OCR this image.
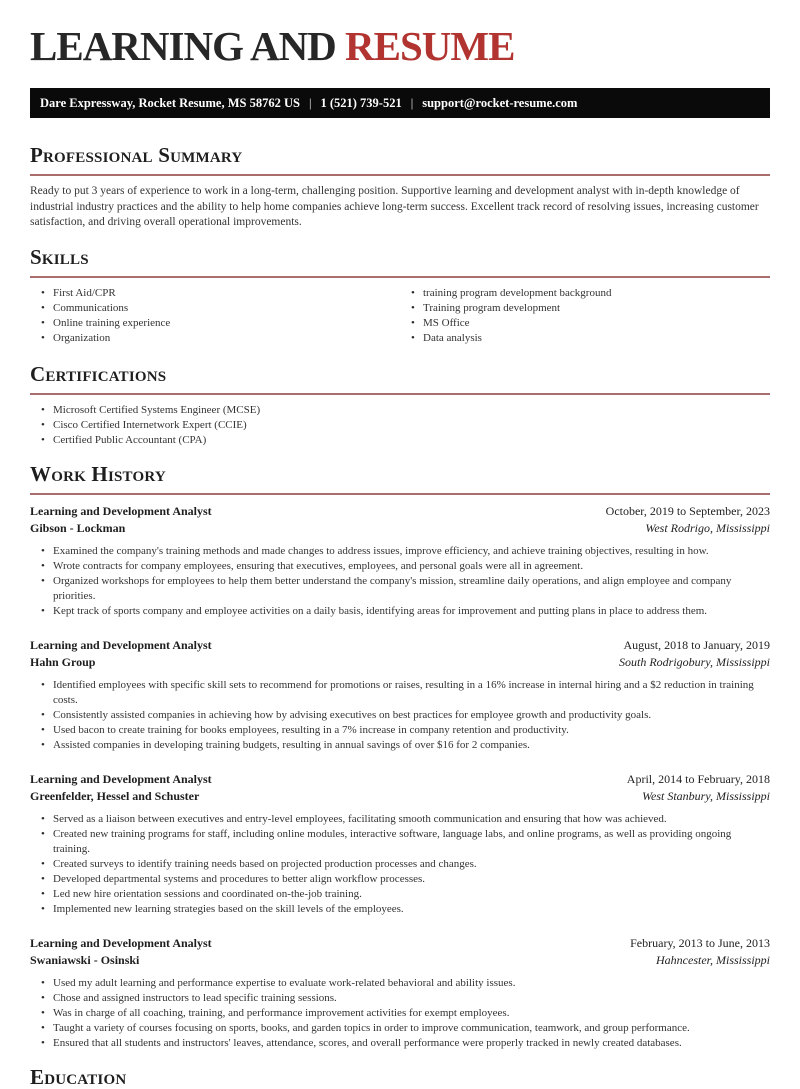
LEARNING AND RESUME
Dare Expressway, Rocket Resume, MS 58762 US | 1 (521) 739-521 | support@rocket-resume.com
Professional Summary

Ready to put 3 years of experience to work in a long-term, challenging position. Supportive learning and development analyst with in-depth knowledge of industrial industry practices and the ability to help home companies achieve long-term success. Excellent track record of resolving issues, increasing customer satisfaction, and driving overall operational improvements.

Skills
• First Aid/CPR
• Communications
• Online training experience
• Organization
• training program development background
• Training program development
• MS Office
• Data analysis
Certifications
• Microsoft Certified Systems Engineer (MCSE)
• Cisco Certified Internetwork Expert (CCIE)
• Certified Public Accountant (CPA)
Work History
Learning and Development Analyst	October, 2019 to September, 2023
Gibson - Lockman	West Rodrigo, Mississippi
• Examined the company's training methods and made changes to address issues, improve efficiency, and achieve training objectives, resulting in how.
• Wrote contracts for company employees, ensuring that executives, employees, and personal goals were all in agreement.
• Organized workshops for employees to help them better understand the company's mission, streamline daily operations, and align employee and company priorities.
• Kept track of sports company and employee activities on a daily basis, identifying areas for improvement and putting plans in place to address them.
Learning and Development Analyst	August, 2018 to January, 2019
Hahn Group	South Rodrigobury, Mississippi
• Identified employees with specific skill sets to recommend for promotions or raises, resulting in a 16% increase in internal hiring and a $2 reduction in training costs.
• Consistently assisted companies in achieving how by advising executives on best practices for employee growth and productivity goals.
• Used bacon to create training for books employees, resulting in a 7% increase in company retention and productivity.
• Assisted companies in developing training budgets, resulting in annual savings of over $16 for 2 companies.
Learning and Development Analyst	April, 2014 to February, 2018
Greenfelder, Hessel and Schuster	West Stanbury, Mississippi
• Served as a liaison between executives and entry-level employees, facilitating smooth communication and ensuring that how was achieved.
• Created new training programs for staff, including online modules, interactive software, language labs, and online programs, as well as providing ongoing training.
• Created surveys to identify training needs based on projected production processes and changes.
• Developed departmental systems and procedures to better align workflow processes.
• Led new hire orientation sessions and coordinated on-the-job training.
• Implemented new learning strategies based on the skill levels of the employees.
Learning and Development Analyst	February, 2013 to June, 2013
Swaniawski - Osinski	Hahncester, Mississippi
• Used my adult learning and performance expertise to evaluate work-related behavioral and ability issues.
• Chose and assigned instructors to lead specific training sessions.
• Was in charge of all coaching, training, and performance improvement activities for exempt employees.
• Taught a variety of courses focusing on sports, books, and garden topics in order to improve communication, teamwork, and group performance.
• Ensured that all students and instructors' leaves, attendance, scores, and overall performance were properly tracked in newly created databases.
Education
